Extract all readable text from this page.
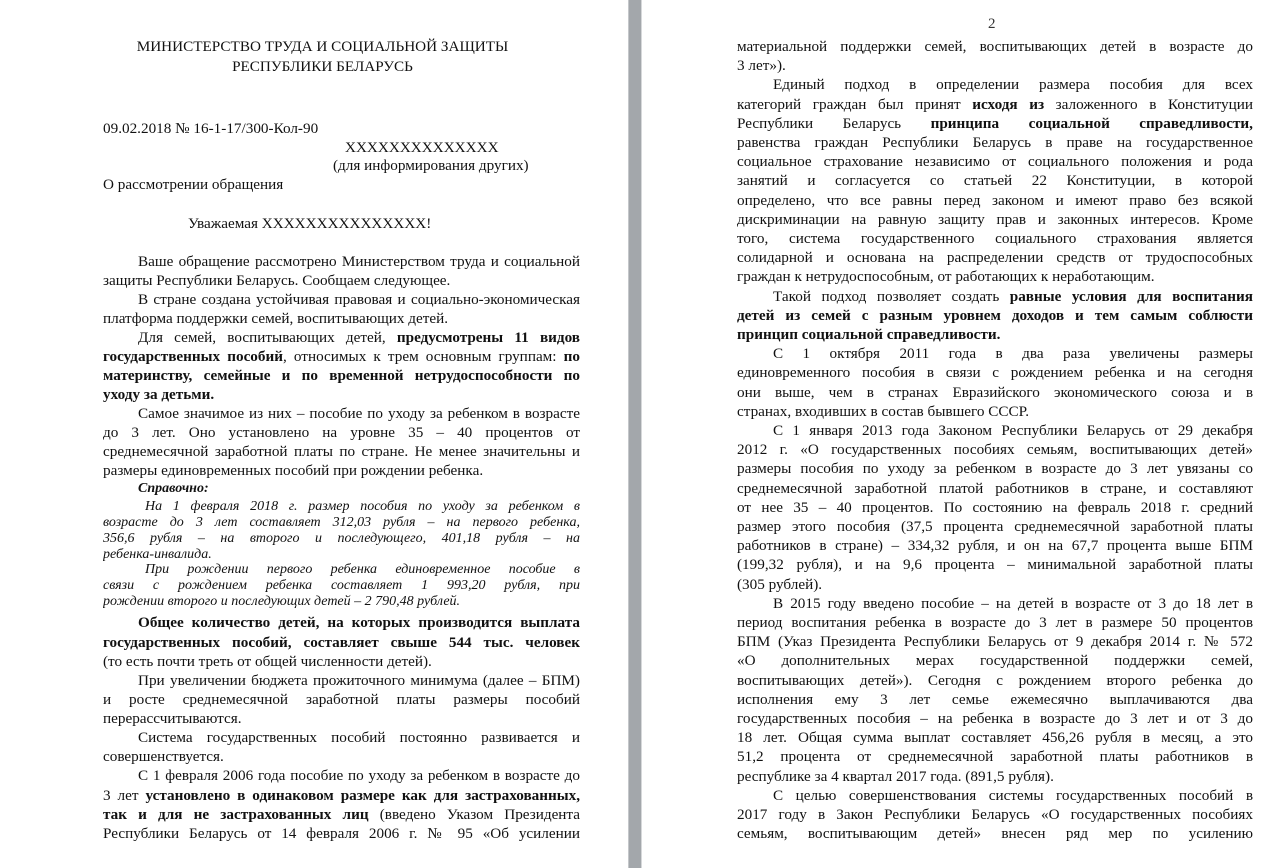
МИНИСТЕРСТВО ТРУДА И СОЦИАЛЬНОЙ ЗАЩИТЫ
РЕСПУБЛИКИ БЕЛАРУСЬ
09.02.2018 № 16-1-17/300-Кол-90
XXXXXXXXXXXXXX
(для информирования других)
О рассмотрении обращения
Уважаемая XXXXXXXXXXXXXXX!
Ваше обращение рассмотрено Министерством труда и социальной
защиты Республики Беларусь. Сообщаем следующее.
В стране создана устойчивая правовая и социально-экономическая
платформа поддержки семей, воспитывающих детей.
Для семей, воспитывающих детей, предусмотрены 11 видов
государственных пособий, относимых к трем основным группам: по
материнству, семейные и по временной нетрудоспособности по
уходу за детьми.
Самое значимое из них – пособие по уходу за ребенком в возрасте
до 3 лет. Оно установлено на уровне 35 – 40 процентов от
среднемесячной заработной платы по стране. Не менее значительны и
размеры единовременных пособий при рождении ребенка.
Справочно:
На 1 февраля 2018 г. размер пособия по уходу за ребенком в
возрасте до 3 лет составляет 312,03 рубля – на первого ребенка,
356,6 рубля – на второго и последующего, 401,18 рубля – на
ребенка-инвалида.
При рождении первого ребенка единовременное пособие в
связи с рождением ребенка составляет 1 993,20 рубля, при
рождении второго и последующих детей – 2 790,48 рублей.
Общее количество детей, на которых производится выплата
государственных пособий, составляет свыше 544 тыс. человек
(то есть почти треть от общей численности детей).
При увеличении бюджета прожиточного минимума (далее – БПМ)
и росте среднемесячной заработной платы размеры пособий
перерассчитываются.
Система государственных пособий постоянно развивается и
совершенствуется.
С 1 февраля 2006 года пособие по уходу за ребенком в возрасте до
3 лет установлено в одинаковом размере как для застрахованных,
так и для не застрахованных лиц (введено Указом Президента
Республики Беларусь от 14 февраля 2006 г. № 95 «Об усилении
2
материальной поддержки семей, воспитывающих детей в возрасте до
3 лет»).
Единый подход в определении размера пособия для всех
категорий граждан был принят исходя из заложенного в Конституции
Республики Беларусь принципа социальной справедливости,
равенства граждан Республики Беларусь в праве на государственное
социальное страхование независимо от социального положения и рода
занятий и согласуется со статьей 22 Конституции, в которой
определено, что все равны перед законом и имеют право без всякой
дискриминации на равную защиту прав и законных интересов. Кроме
того, система государственного социального страхования является
солидарной и основана на распределении средств от трудоспособных
граждан к нетрудоспособным, от работающих к неработающим.
Такой подход позволяет создать равные условия для воспитания
детей из семей с разным уровнем доходов и тем самым соблюсти
принцип социальной справедливости.
С 1 октября 2011 года в два раза увеличены размеры
единовременного пособия в связи с рождением ребенка и на сегодня
они выше, чем в странах Евразийского экономического союза и в
странах, входивших в состав бывшего СССР.
С 1 января 2013 года Законом Республики Беларусь от 29 декабря
2012 г. «О государственных пособиях семьям, воспитывающих детей»
размеры пособия по уходу за ребенком в возрасте до 3 лет увязаны со
среднемесячной заработной платой работников в стране, и составляют
от нее 35 – 40 процентов. По состоянию на февраль 2018 г. средний
размер этого пособия (37,5 процента среднемесячной заработной платы
работников в стране) – 334,32 рубля, и он на 67,7 процента выше БПМ
(199,32 рубля), и на 9,6 процента – минимальной заработной платы
(305 рублей).
В 2015 году введено пособие – на детей в возрасте от 3 до 18 лет в
период воспитания ребенка в возрасте до 3 лет в размере 50 процентов
БПМ (Указ Президента Республики Беларусь от 9 декабря 2014 г. № 572
«О дополнительных мерах государственной поддержки семей,
воспитывающих детей»). Сегодня с рождением второго ребенка до
исполнения ему 3 лет семье ежемесячно выплачиваются два
государственных пособия – на ребенка в возрасте до 3 лет и от 3 до
18 лет. Общая сумма выплат составляет 456,26 рубля в месяц, а это
51,2 процента от среднемесячной заработной платы работников в
республике за 4 квартал 2017 года. (891,5 рубля).
С целью совершенствования системы государственных пособий в
2017 году в Закон Республики Беларусь «О государственных пособиях
семьям, воспитывающим детей» внесен ряд мер по усилению
